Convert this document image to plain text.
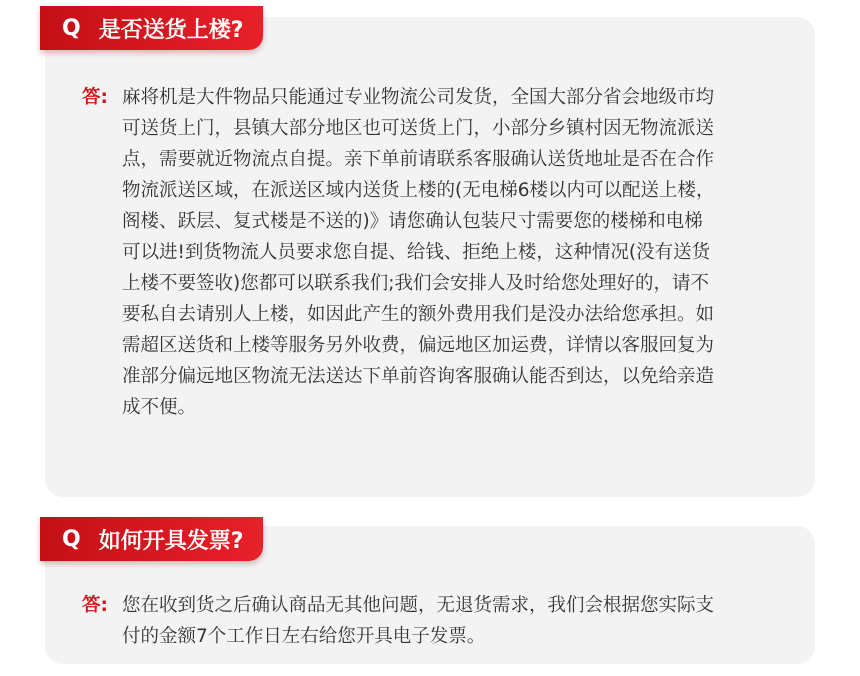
Q 是否送货上楼?

答: 麻将机是大件物品只能通过专业物流公司发货，全国大部分省会地级市均
可送货上门，县镇大部分地区也可送货上门，小部分乡镇村因无物流派送
点，需要就近物流点自提。亲下单前请联系客服确认送货地址是否在合作
物流派送区域，在派送区域内送货上楼的(无电梯6楼以内可以配送上楼，
阁楼、跃层、复式楼是不送的)》请您确认包装尺寸需要您的楼梯和电梯
可以进!到货物流人员要求您自提、给钱、拒绝上楼，这种情况(没有送货
上楼不要签收)您都可以联系我们;我们会安排人及时给您处理好的，请不
要私自去请别人上楼，如因此产生的额外费用我们是没办法给您承担。如
需超区送货和上楼等服务另外收费，偏远地区加运费，详情以客服回复为
准部分偏远地区物流无法送达下单前咨询客服确认能否到达，以免给亲造
成不便。

Q 如何开具发票?

答: 您在收到货之后确认商品无其他问题，无退货需求，我们会根据您实际支
付的金额7个工作日左右给您开具电子发票。
